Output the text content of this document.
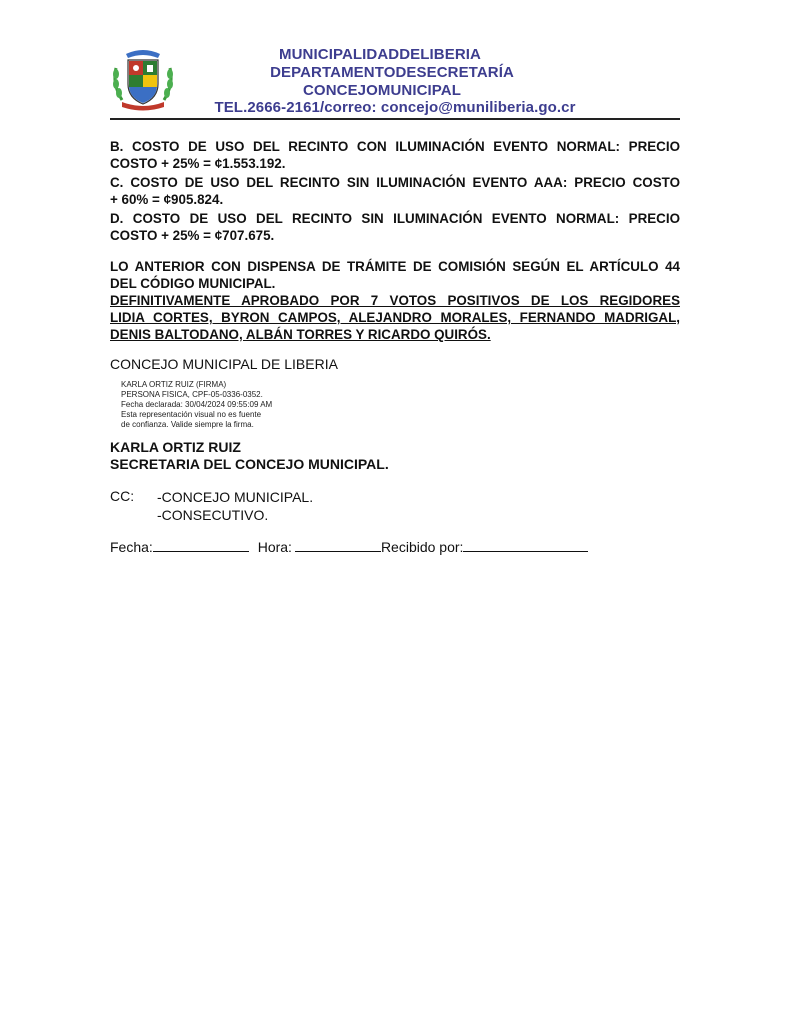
MUNICIPALIDADDELIBERIA
DEPARTAMENTODESECRETARÍA
CONCEJOMUNICIPAL
TEL.2666-2161/correo: concejo@muniliberia.go.cr
B. COSTO DE USO DEL RECINTO CON ILUMINACIÓN EVENTO NORMAL: PRECIO
COSTO + 25% = ¢1.553.192.
C. COSTO DE USO DEL RECINTO SIN ILUMINACIÓN EVENTO AAA: PRECIO COSTO
+ 60% = ¢905.824.
D. COSTO DE USO DEL RECINTO SIN ILUMINACIÓN EVENTO NORMAL: PRECIO
COSTO + 25% = ¢707.675.
LO ANTERIOR CON DISPENSA DE TRÁMITE DE COMISIÓN SEGÚN EL ARTÍCULO 44
DEL CÓDIGO MUNICIPAL.
DEFINITIVAMENTE APROBADO POR 7 VOTOS POSITIVOS DE LOS REGIDORES
LIDIA CORTES, BYRON CAMPOS, ALEJANDRO MORALES, FERNANDO MADRIGAL,
DENIS BALTODANO, ALBÁN TORRES Y RICARDO QUIRÓS.
CONCEJO MUNICIPAL DE LIBERIA
KARLA ORTIZ RUIZ (FIRMA)
PERSONA FISICA, CPF-05-0336-0352.
Fecha declarada: 30/04/2024 09:55:09 AM
Esta representación visual no es fuente
de confianza. Valide siempre la firma.
KARLA ORTIZ RUIZ
SECRETARIA DEL CONCEJO MUNICIPAL.
CC: -CONCEJO MUNICIPAL.
-CONSECUTIVO.
Fecha:	Hora:	Recibido por:
